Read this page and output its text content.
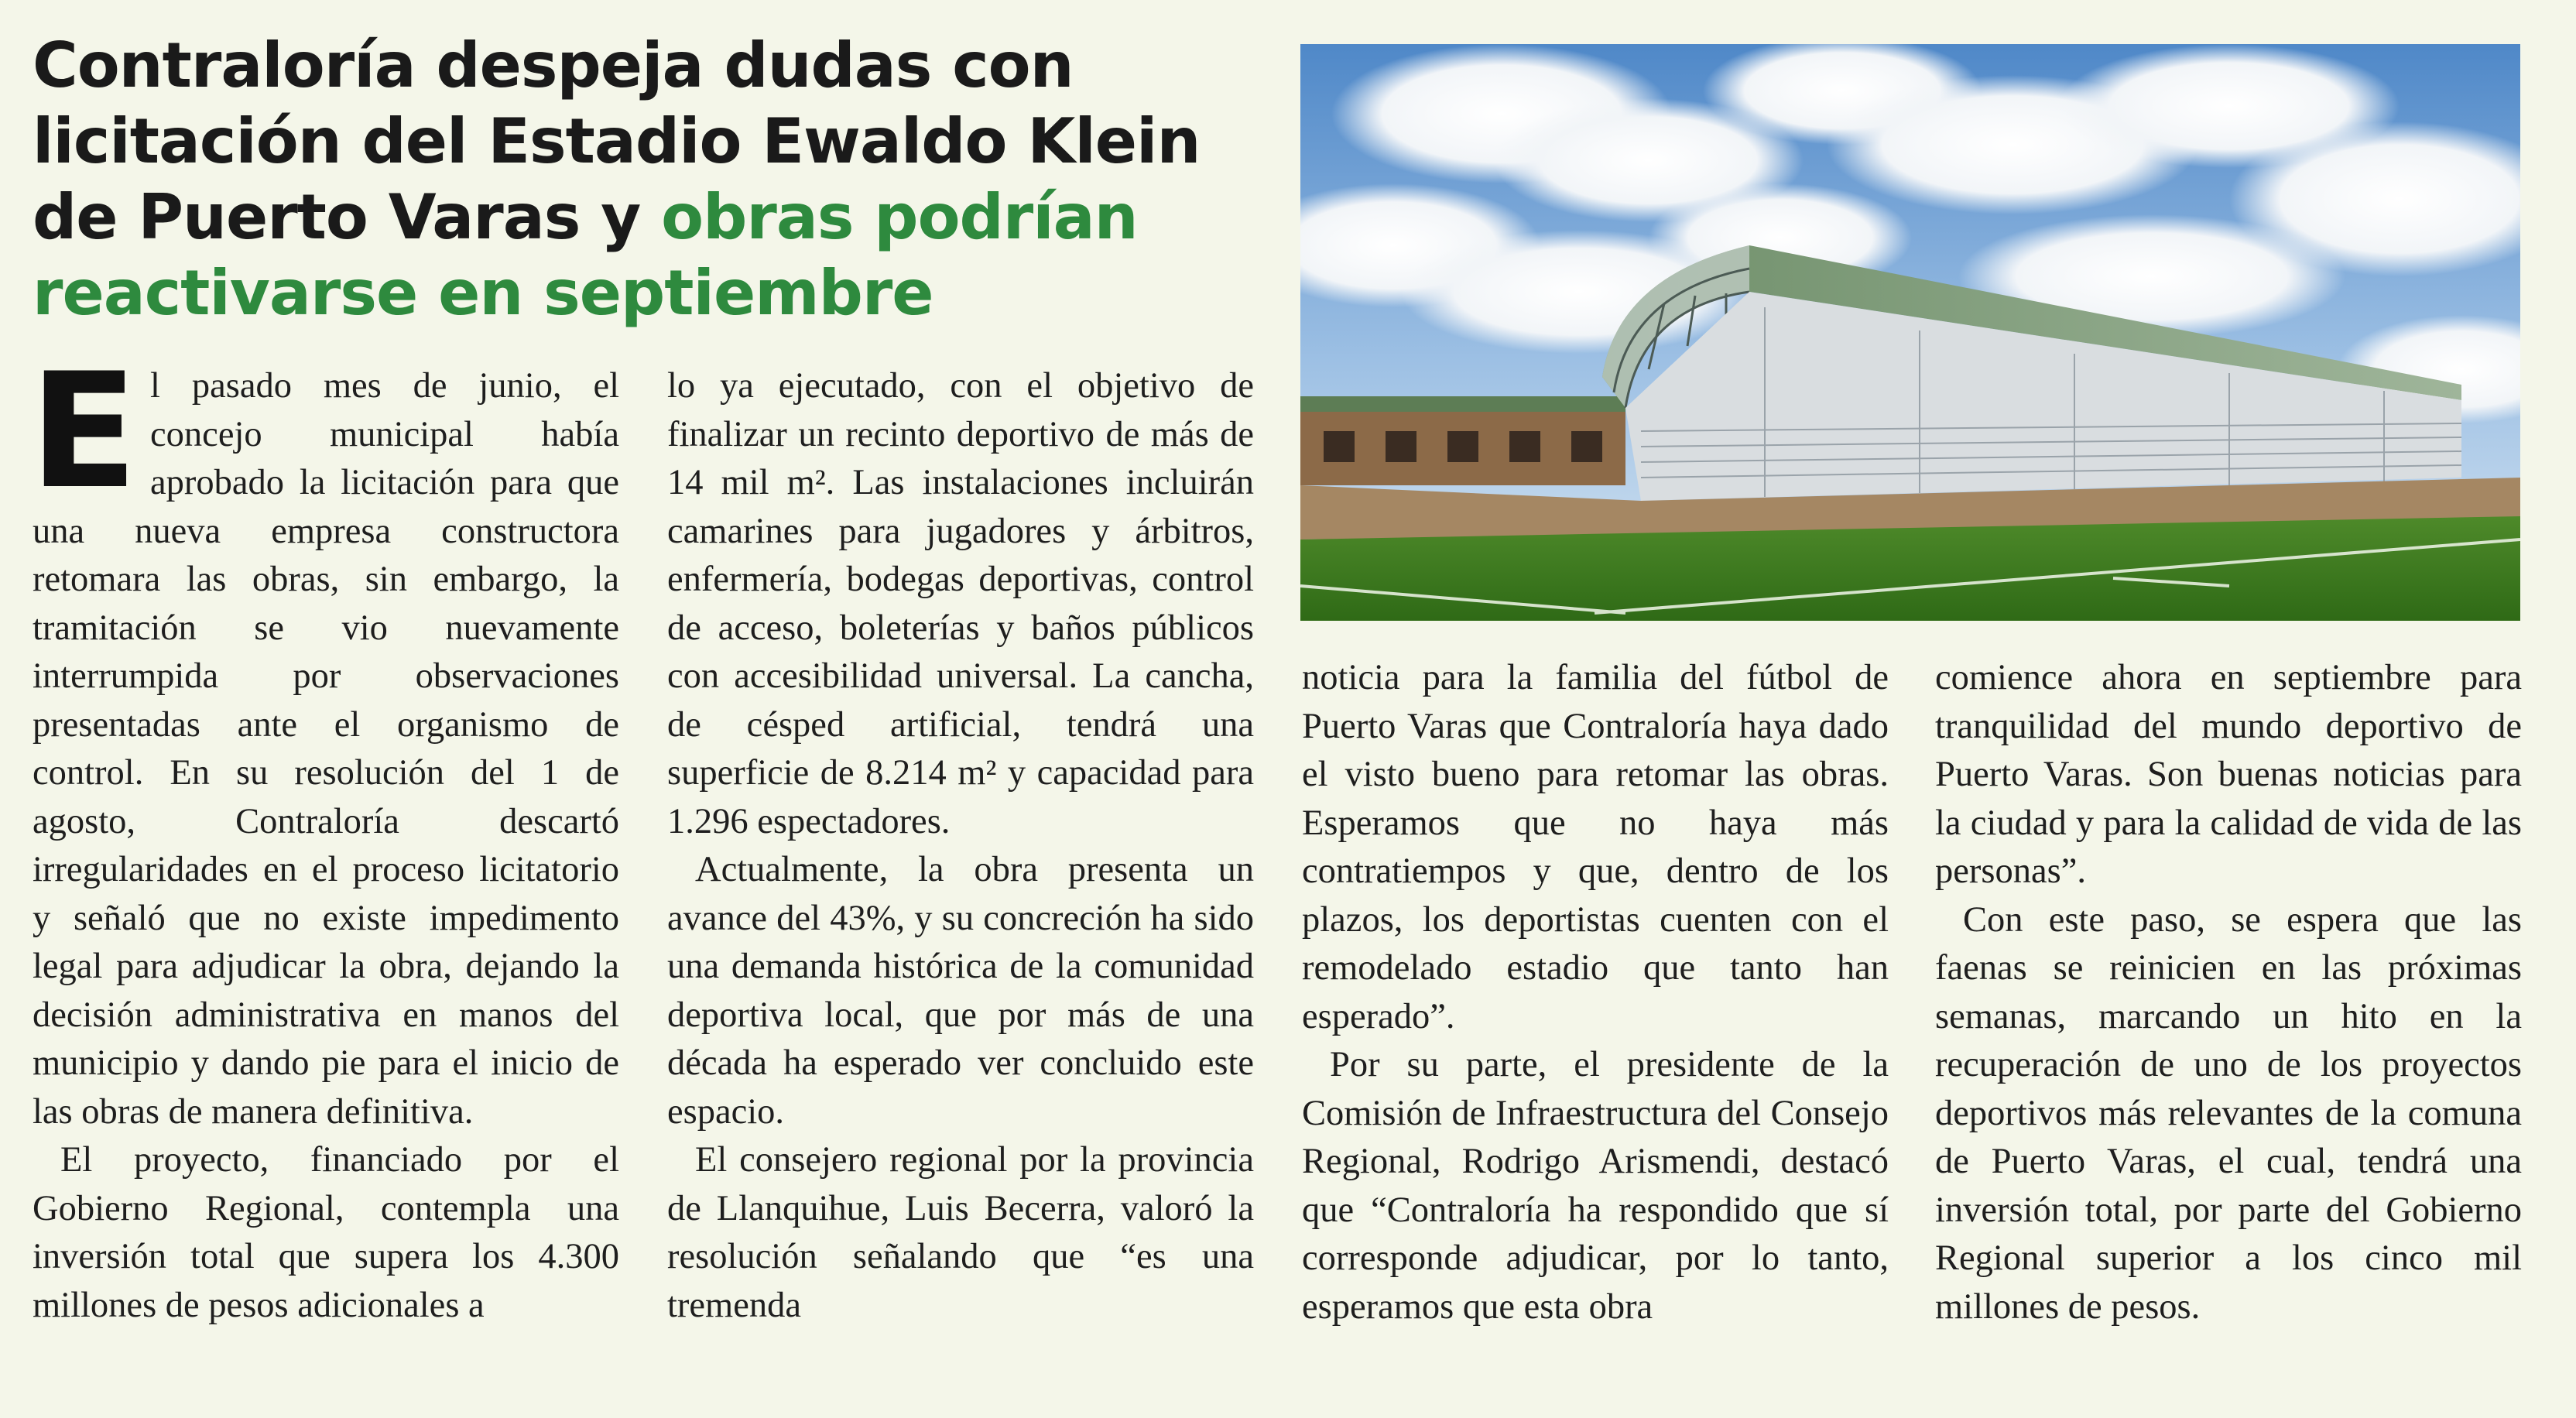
Contraloría despeja dudas con licitación del Estadio Ewaldo Klein de Puerto Varas y obras podrían reactivarse en septiembre

El pasado mes de junio, el concejo municipal había aprobado la licitación para que una nueva empresa constructora retomara las obras, sin embargo, la tramitación se vio nuevamente interrumpida por observaciones presentadas ante el organismo de control. En su resolución del 1 de agosto, Contraloría descartó irregularidades en el proceso licitatorio y señaló que no existe impedimento legal para adjudicar la obra, dejando la decisión administrativa en manos del municipio y dando pie para el inicio de las obras de manera definitiva.

El proyecto, financiado por el Gobierno Regional, contempla una inversión total que supera los 4.300 millones de pesos adicionales a

lo ya ejecutado, con el objetivo de finalizar un recinto deportivo de más de 14 mil m². Las instalaciones incluirán camarines para jugadores y árbitros, enfermería, bodegas deportivas, control de acceso, boleterías y baños públicos con accesibilidad universal. La cancha, de césped artificial, tendrá una superficie de 8.214 m² y capacidad para 1.296 espectadores.

Actualmente, la obra presenta un avance del 43%, y su concreción ha sido una demanda histórica de la comunidad deportiva local, que por más de una década ha esperado ver concluido este espacio.

El consejero regional por la provincia de Llanquihue, Luis Becerra, valoró la resolución señalando que “es una tremenda

noticia para la familia del fútbol de Puerto Varas que Contraloría haya dado el visto bueno para retomar las obras. Esperamos que no haya más contratiempos y que, dentro de los plazos, los deportistas cuenten con el remodelado estadio que tanto han esperado”.

Por su parte, el presidente de la Comisión de Infraestructura del Consejo Regional, Rodrigo Arismendi, destacó que “Contraloría ha respondido que sí corresponde adjudicar, por lo tanto, esperamos que esta obra

comience ahora en septiembre para tranquilidad del mundo deportivo de Puerto Varas. Son buenas noticias para la ciudad y para la calidad de vida de las personas”.

Con este paso, se espera que las faenas se reinicien en las próximas semanas, marcando un hito en la recuperación de uno de los proyectos deportivos más relevantes de la comuna de Puerto Varas, el cual, tendrá una inversión total, por parte del Gobierno Regional superior a los cinco mil millones de pesos.
